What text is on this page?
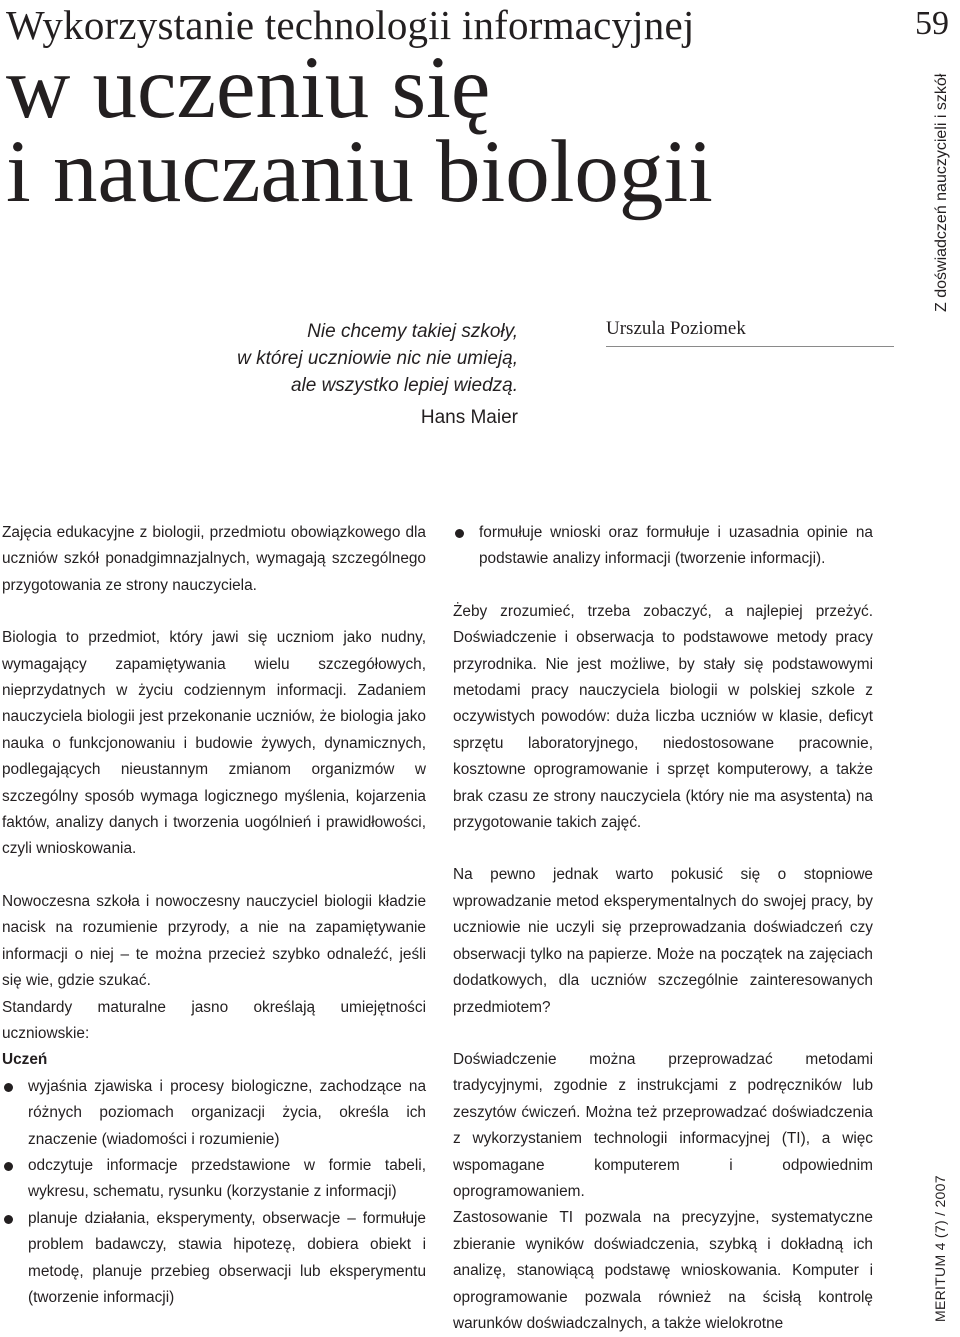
Wykorzystanie technologii informacyjnej
w uczeniu się
i nauczaniu biologii
59
Z doświadczeń nauczycieli i szkół
MERITUM 4 (7) / 2007
Nie chcemy takiej szkoły,
w której uczniowie nic nie umieją,
ale wszystko lepiej wiedzą.
Hans Maier
Urszula Poziomek

Zajęcia edukacyjne z biologii, przedmiotu obowiązkowego dla uczniów szkół ponadgimnazjalnych, wymagają szczególnego przygotowania ze strony nauczyciela.

Biologia to przedmiot, który jawi się uczniom jako nudny, wymagający zapamiętywania wielu szczegółowych, nieprzydatnych w życiu codziennym informacji. Zadaniem nauczyciela biologii jest przekonanie uczniów, że biologia jako nauka o funkcjonowaniu i budowie żywych, dynamicznych, podlegających nieustannym zmianom organizmów w szczególny sposób wymaga logicznego myślenia, kojarzenia faktów, analizy danych i tworzenia uogólnień i prawidłowości, czyli wnioskowania.

Nowoczesna szkoła i nowoczesny nauczyciel biologii kładzie nacisk na rozumienie przyrody, a nie na zapamiętywanie informacji o niej – te można przecież szybko odnaleźć, jeśli się wie, gdzie szukać.

Standardy maturalne jasno określają umiejętności uczniowskie:

Uczeń

wyjaśnia zjawiska i procesy biologiczne, zachodzące na różnych poziomach organizacji życia, określa ich znaczenie (wiadomości i rozumienie)
odczytuje informacje przedstawione w formie tabeli, wykresu, schematu, rysunku (korzystanie z informacji)
planuje działania, eksperymenty, obserwacje – formułuje problem badawczy, stawia hipotezę, dobiera obiekt i metodę, planuje przebieg obserwacji lub eksperymentu (tworzenie informacji)
formułuje wnioski oraz formułuje i uzasadnia opinie na podstawie analizy informacji (tworzenie informacji).

Żeby zrozumieć, trzeba zobaczyć, a najlepiej przeżyć. Doświadczenie i obserwacja to podstawowe metody pracy przyrodnika. Nie jest możliwe, by stały się podstawowymi metodami pracy nauczyciela biologii w polskiej szkole z oczywistych powodów: duża liczba uczniów w klasie, deficyt sprzętu laboratoryjnego, niedostosowane pracownie, kosztowne oprogramowanie i sprzęt komputerowy, a także brak czasu ze strony nauczyciela (który nie ma asystenta) na przygotowanie takich zajęć.

Na pewno jednak warto pokusić się o stopniowe wprowadzanie metod eksperymentalnych do swojej pracy, by uczniowie nie uczyli się przeprowadzania doświadczeń czy obserwacji tylko na papierze. Może na początek na zajęciach dodatkowych, dla uczniów szczególnie zainteresowanych przedmiotem?

Doświadczenie można przeprowadzać metodami tradycyjnymi, zgodnie z instrukcjami z podręczników lub zeszytów ćwiczeń. Można też przeprowadzać doświadczenia z wykorzystaniem technologii informacyjnej (TI), a więc wspomagane komputerem i odpowiednim oprogramowaniem.

Zastosowanie TI pozwala na precyzyjne, systematyczne zbieranie wyników doświadczenia, szybką i dokładną ich analizę, stanowiącą podstawę wnioskowania. Komputer i oprogramowanie pozwala również na ścisłą kontrolę warunków doświadczalnych, a także wielokrotne
